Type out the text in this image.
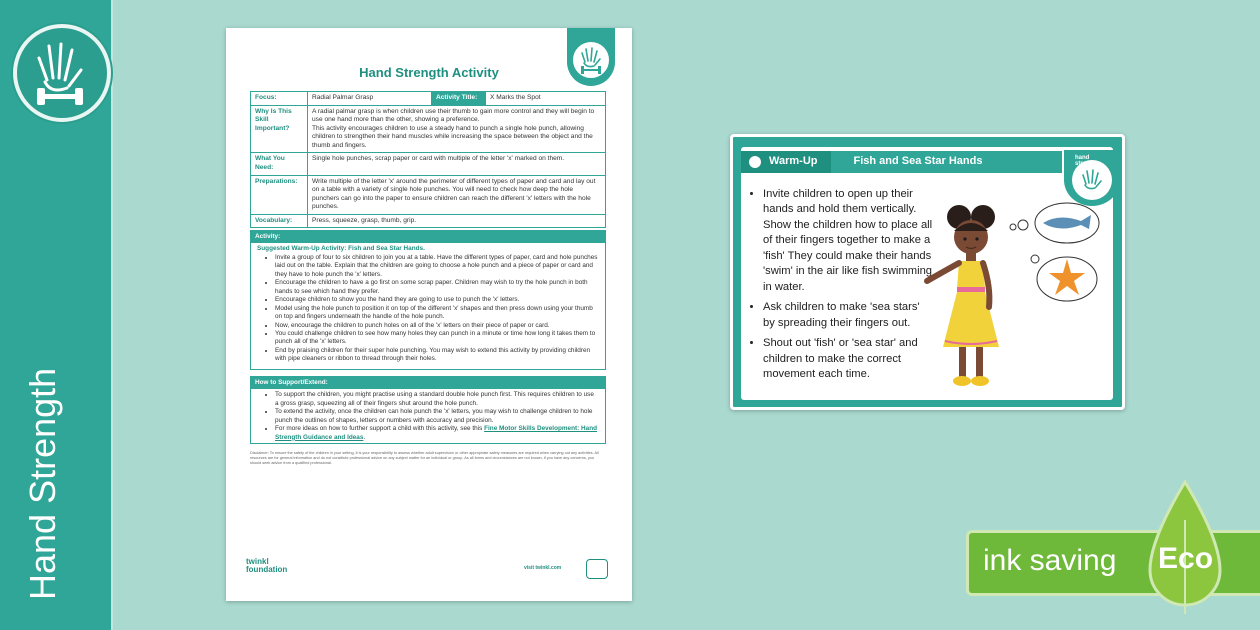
Hand Strength
Hand Strength Activity
Focus:	Radial Palmar Grasp	Activity Title:	X Marks the Spot
Why Is This Skill Important?	A radial palmar grasp is when children use their thumb to gain more control and they will begin to use one hand more than the other, showing a preference.
This activity encourages children to use a steady hand to punch a single hole punch, allowing children to strengthen their hand muscles while increasing the space between the object and the thumb and fingers.		

What You Need:	Single hole punches, scrap paper or card with multiple of the letter 'x' marked on them.		
Preparations:	Write multiple of the letter 'x' around the perimeter of different types of paper and card and lay out on a table with a variety of single hole punches. You will need to check how deep the hole punchers can go into the paper to ensure children can reach the different 'x' letters with the hole punches.		
Vocabulary:	Press, squeeze, grasp, thumb, grip.		
Activity:
Suggested Warm-Up Activity: Fish and Sea Star Hands.
• Invite a group of four to six children to join you at a table. Have the different types of paper, card and hole punches laid out on the table. Explain that the children are going to choose a hole punch and a piece of paper or card and they have to hole punch the 'x' letters.
• Encourage the children to have a go first on some scrap paper. Children may wish to try the hole punch in both hands to see which hand they prefer.
• Encourage children to show you the hand they are going to use to punch the 'x' letters.
• Model using the hole punch to position it on top of the different 'x' shapes and then press down using your thumb on top and fingers underneath the handle of the hole punch.
• Now, encourage the children to punch holes on all of the 'x' letters on their piece of paper or card.
• You could challenge children to see how many holes they can punch in a minute or time how long it takes them to punch all of the 'x' letters.
• End by praising children for their super hole punching. You may wish to extend this activity by providing children with pipe cleaners or ribbon to thread through their holes.
How to Support/Extend:
• To support the children, you might practise using a standard double hole punch first. This requires children to use a gross grasp, squeezing all of their fingers shut around the hole punch.
• To extend the activity, once the children can hole punch the 'x' letters, you may wish to challenge children to hole punch the outlines of shapes, letters or numbers with accuracy and precision.
• For more ideas on how to further support a child with this activity, see this Fine Motor Skills Development: Hand Strength Guidance and Ideas.
Disclaimer: To ensure the safety of the children in your setting, it is your responsibility to assess whether adult supervision or other appropriate safety measures are required when carrying out any activities. All resources are for general information and do not constitute professional advice on any subject matter for an individual or group. As all forms and circumstances are not known, if you have any concerns, you should seek advice from a qualified professional.
twinkl
foundation	visit twinkl.com
Warm-Up	Fish and Sea Star Hands	hand strength
• Invite children to open up their hands and hold them vertically. Show the children how to place all of their fingers together to make a 'fish' They could make their hands 'swim' in the air like fish swimming in water.
• Ask children to make 'sea stars' by spreading their fingers out.
• Shout out 'fish' or 'sea star' and children to make the correct movement each time.
ink saving Eco
